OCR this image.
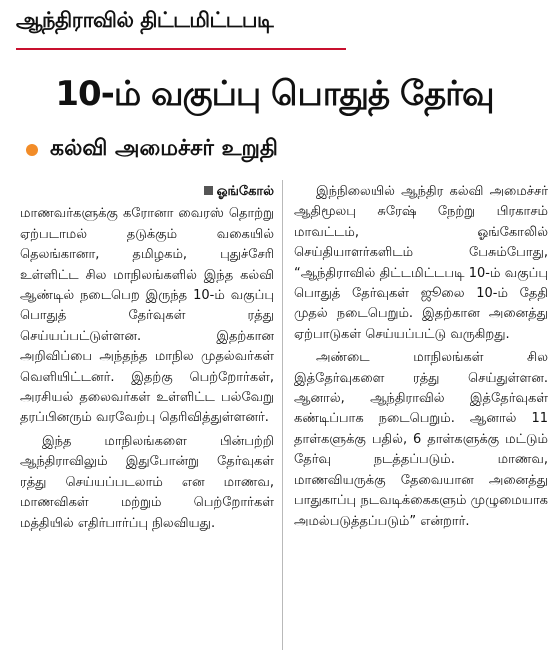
ஆந்திராவில் திட்டமிட்டபடி
10-ம் வகுப்பு பொதுத் தேர்வு
கல்வி அமைச்சர் உறுதி
ஓங்கோல்

மாணவர்களுக்கு கரோனா வைரஸ் தொற்று ஏற்படாமல் தடுக்கும் வகையில் தெலங்கானா, தமிழகம், புதுச்சேரி உள்ளிட்ட சில மாநிலங்களில் இந்த கல்வி ஆண்டில் நடைபெற இருந்த 10-ம் வகுப்பு பொதுத் தேர்வுகள் ரத்து செய்யப்பட்டுள்ளன. இதற்கான அறிவிப்பை அந்தந்த மாநில முதல்வர்கள் வெளியிட்டனர். இதற்கு பெற்றோர்கள், அரசியல் தலைவர்கள் உள்ளிட்ட பல்வேறு தரப்பினரும் வரவேற்பு தெரிவித்துள்ளனர்.

இந்த மாநிலங்களை பின்பற்றி ஆந்திராவிலும் இதுபோன்று தேர்வுகள் ரத்து செய்யப்படலாம் என மாணவ, மாணவிகள் மற்றும் பெற்றோர்கள் மத்தியில் எதிர்பார்ப்பு நிலவியது.

இந்நிலையில் ஆந்திர கல்வி அமைச்சர் ஆதிமூலபு சுரேஷ் நேற்று பிரகாசம் மாவட்டம், ஓங்கோலில் செய்தியாளர்களிடம் பேசும்போது, “ஆந்திராவில் திட்டமிட்டபடி 10-ம் வகுப்பு பொதுத் தேர்வுகள் ஜூலை 10-ம் தேதி முதல் நடைபெறும். இதற்கான அனைத்து ஏற்பாடுகள் செய்யப்பட்டு வருகிறது.

அண்டை மாநிலங்கள் சில இத்தேர்வுகளை ரத்து செய்துள்ளன. ஆனால், ஆந்திராவில் இத்தேர்வுகள் கண்டிப்பாக நடைபெறும். ஆனால் 11 தாள்களுக்கு பதில், 6 தாள்களுக்கு மட்டும் தேர்வு நடத்தப்படும். மாணவ, மாணவியருக்கு தேவையான அனைத்து பாதுகாப்பு நடவடிக்கைகளும் முழுமையாக அமல்படுத்தப்படும்” என்றார்.
